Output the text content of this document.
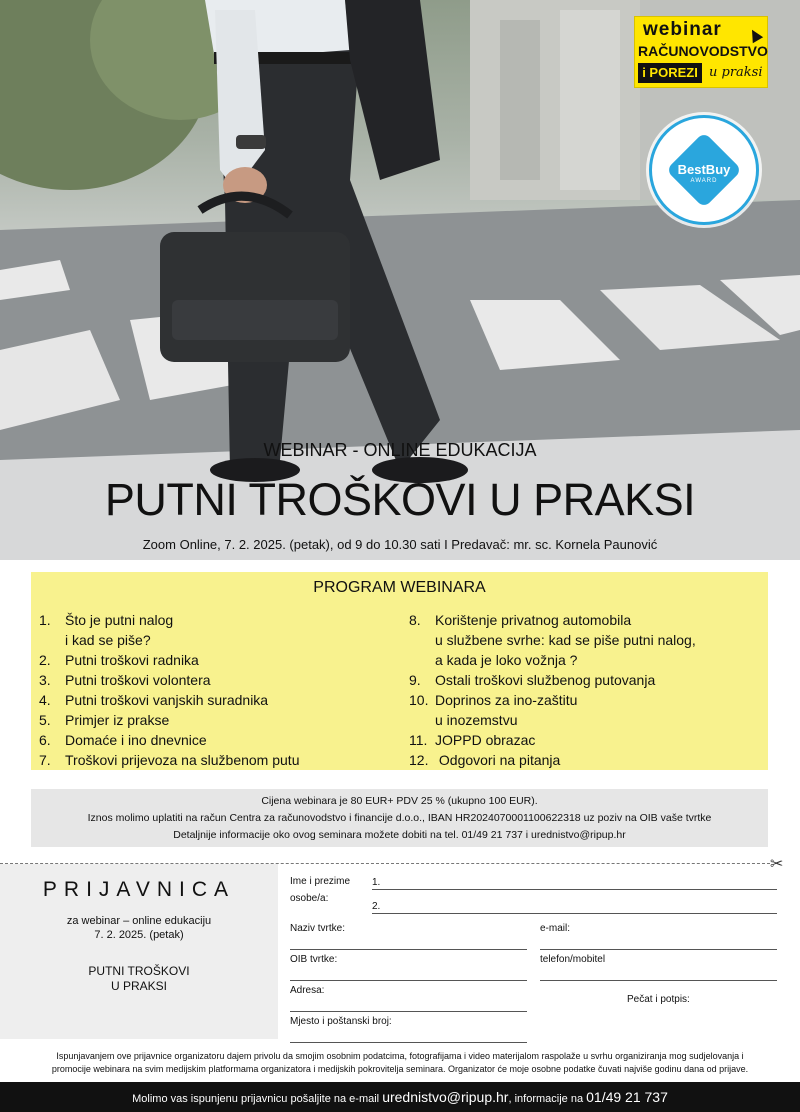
webinar
RAČUNOVODSTVO
i POREZI u praksi
BestBuy
AWARD
WEBINAR - ONLINE EDUKACIJA
PUTNI TROŠKOVI U PRAKSI
Zoom Online, 7. 2. 2025. (petak), od 9 do 10.30 sati I Predavač: mr. sc. Kornela Paunović
PROGRAM WEBINARA
1. Što je putni nalog
i kad se piše?
2. Putni troškovi radnika
3. Putni troškovi volontera
4. Putni troškovi vanjskih suradnika
5. Primjer iz prakse
6. Domaće i ino dnevnice
7. Troškovi prijevoza na službenom putu
8. Korištenje privatnog automobila
u službene svrhe: kad se piše putni nalog,
a kada je loko vožnja ?
9. Ostali troškovi službenog putovanja
10. Doprinos za ino-zaštitu
u inozemstvu
11. JOPPD obrazac
12. Odgovori na pitanja

Cijena webinara je 80 EUR+ PDV 25 % (ukupno 100 EUR).

Iznos molimo uplatiti na račun Centra za računovodstvo i financije d.o.o., IBAN HR2024070001100622318 uz poziv na OIB vaše tvrtke

Detaljnije informacije oko ovog seminara možete dobiti na tel. 01/49 21 737 i urednistvo@ripup.hr

✂
PRIJAVNICA
za webinar – online edukaciju
7. 2. 2025. (petak)
PUTNI TROŠKOVI
U PRAKSI
Ime i prezime
osobe/a:
1.
2.
Naziv tvrtke:	e-mail:
OIB tvrtke:	telefon/mobitel
Adresa:
Pečat i potpis:
Mjesto i poštanski broj:
Ispunjavanjem ove prijavnice organizatoru dajem privolu da smojim osobnim podatcima, fotografijama i video materijalom raspolaže u svrhu organiziranja mog sudjelovanja i
promocije webinara na svim medijskim platformama organizatora i medijskih pokrovitelja seminara. Organizator će moje osobne podatke čuvati najviše godinu dana od prijave.
Molimo vas ispunjenu prijavnicu pošaljite na e-mail urednistvo@ripup.hr, informacije na 01/49 21 737
